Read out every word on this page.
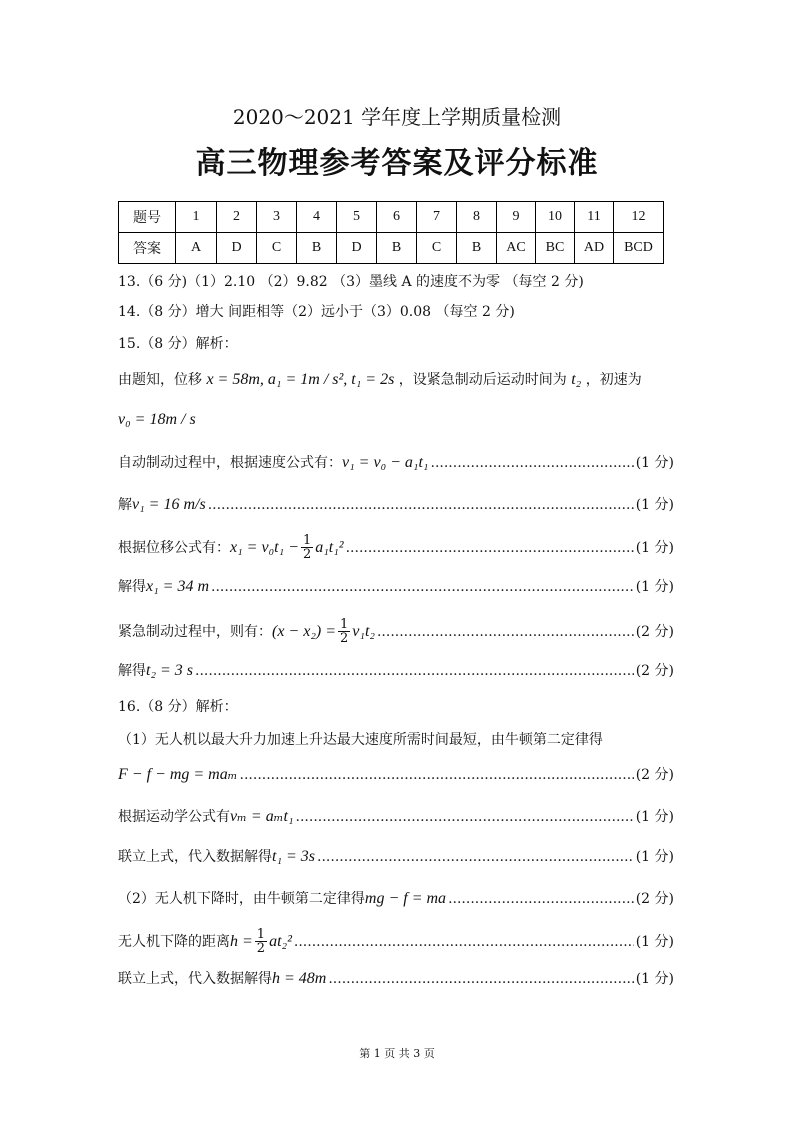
2020～2021 学年度上学期质量检测
高三物理参考答案及评分标准
题号	1	2	3	4	5	6	7	8	9	10	11	12
答案	A	D	C	B	D	B	C	B	AC	BC	AD	BCD
13.（6 分)（1）2.10 （2）9.82 （3）墨线 A 的速度不为零 （每空 2 分)
14.（8 分）增大 间距相等（2）远小于（3）0.08 （每空 2 分)
15.（8 分）解析：
由题知，位移 x = 58m, a₁ = 1m / s², t₁ = 2s ，设紧急制动后运动时间为 t₂ ，初速为
v₀ = 18m / s
自动制动过程中，根据速度公式有： v₁ = v₀ − a₁t₁ .....	(1 分)
解 v₁ = 16 m/s .....	(1 分)
根据位移公式有： $x_1 = v_0t_1 - \frac{1}{2} a_1t_1^2$ .....	(1 分)
解得 x₁ = 34 m .....	(1 分)
紧急制动过程中，则有： $(x - x_2) = \frac{1}{2} v_1t_2$ .....	(2 分)
解得 t₂ = 3 s .....	(2 分)
16.（8 分）解析：
（1）无人机以最大升力加速上升达最大速度所需时间最短，由牛顿第二定律得
F − f − mg = maₘ .....	(2 分)
根据运动学公式有 vₘ = aₘt₁ .....	(1 分)
联立上式，代入数据解得 t₁ = 3s .....	(1 分)
（2）无人机下降时，由牛顿第二定律得 mg − f = ma .....	(2 分)
无人机下降的距离 $h = \frac{1}{2} at_2^2$ .....	(1 分)
联立上式，代入数据解得 h = 48m .....	(1 分)
第 1 页 共 3 页
